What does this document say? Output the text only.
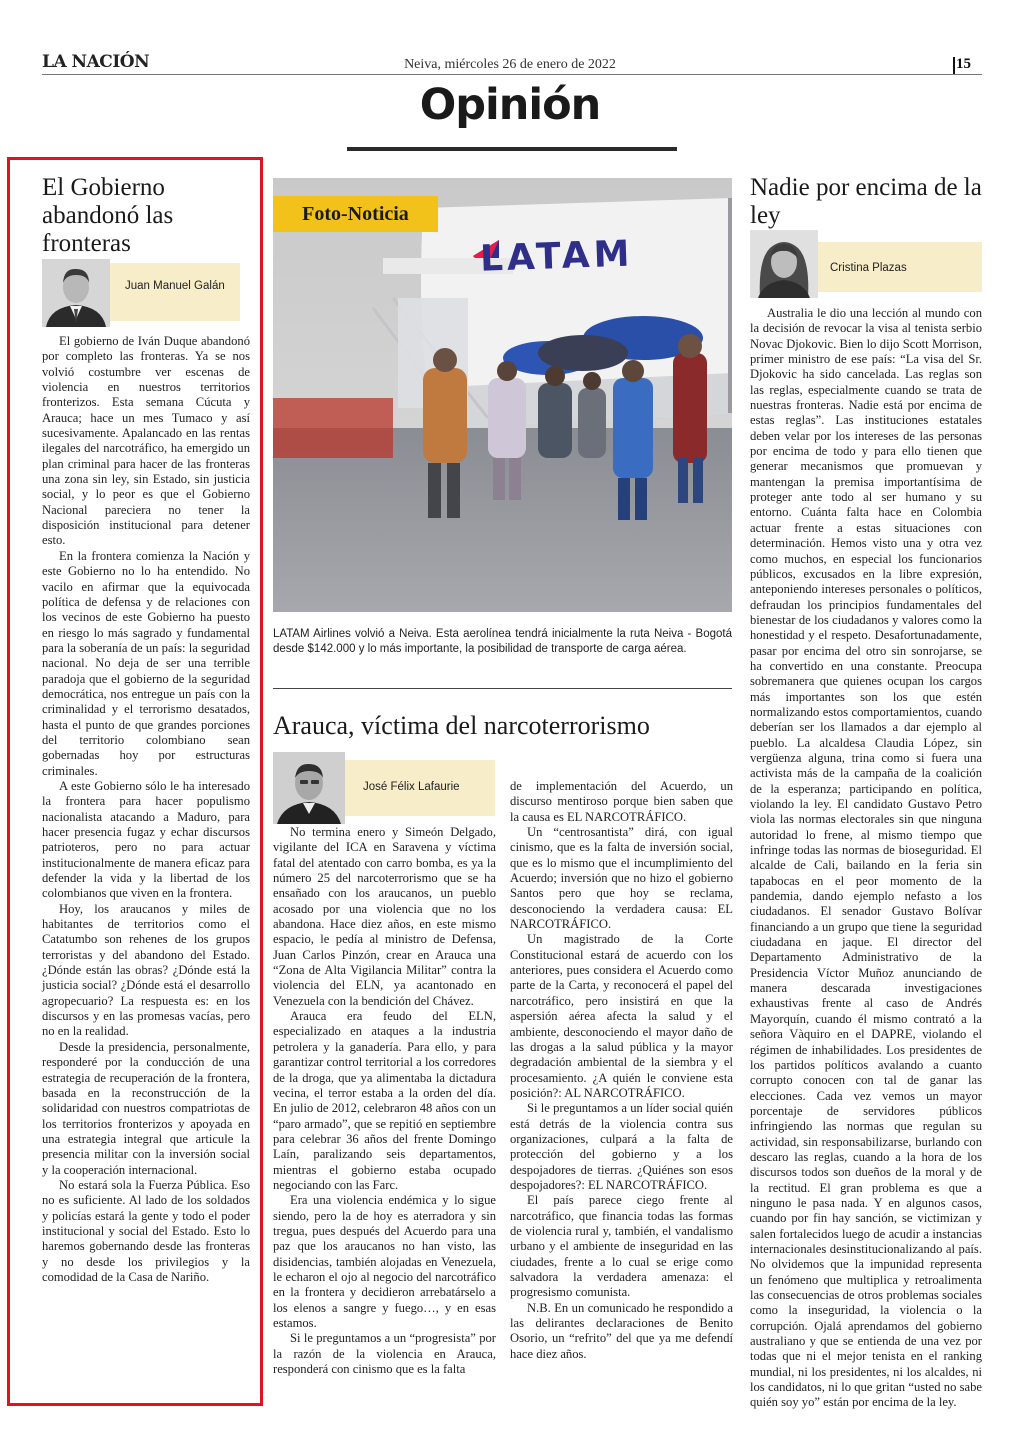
LA NACIÓN	Neiva, miércoles 26 de enero de 2022	15
Opinión
El Gobierno abandonó las fronteras
Juan Manuel Galán

El gobierno de Iván Duque abandonó por completo las fronteras. Ya se nos volvió costumbre ver escenas de violencia en nuestros territorios fronterizos. Esta semana Cúcuta y Arauca; hace un mes Tumaco y así sucesivamente. Apalancado en las rentas ilegales del narcotráfico, ha emergido un plan criminal para hacer de las fronteras una zona sin ley, sin Estado, sin justicia social, y lo peor es que el Gobierno Nacional pareciera no tener la disposición institucional para detener esto.

En la frontera comienza la Nación y este Gobierno no lo ha entendido. No vacilo en afirmar que la equivocada política de defensa y de relaciones con los vecinos de este Gobierno ha puesto en riesgo lo más sagrado y fundamental para la soberanía de un país: la seguridad nacional. No deja de ser una terrible paradoja que el gobierno de la seguridad democrática, nos entregue un país con la criminalidad y el terrorismo desatados, hasta el punto de que grandes porciones del territorio colombiano sean gobernadas hoy por estructuras criminales.

A este Gobierno sólo le ha interesado la frontera para hacer populismo nacionalista atacando a Maduro, para hacer presencia fugaz y echar discursos patrioteros, pero no para actuar institucionalmente de manera eficaz para defender la vida y la libertad de los colombianos que viven en la frontera.

Hoy, los araucanos y miles de habitantes de territorios como el Catatumbo son rehenes de los grupos terroristas y del abandono del Estado. ¿Dónde están las obras? ¿Dónde está la justicia social? ¿Dónde está el desarrollo agropecuario? La respuesta es: en los discursos y en las promesas vacías, pero no en la realidad.

Desde la presidencia, personalmente, responderé por la conducción de una estrategia de recuperación de la frontera, basada en la reconstrucción de la solidaridad con nuestros compatriotas de los territorios fronterizos y apoyada en una estrategia integral que articule la presencia militar con la inversión social y la cooperación internacional.

No estará sola la Fuerza Pública. Eso no es suficiente. Al lado de los soldados y policías estará la gente y todo el poder institucional y social del Estado. Esto lo haremos gobernando desde las fronteras y no desde los privilegios y la comodidad de la Casa de Nariño.

LATAM
Foto-Noticia
LATAM Airlines volvió a Neiva. Esta aerolínea tendrá inicialmente la ruta Neiva - Bogotá desde $142.000 y lo más importante, la posibilidad de transporte de carga aérea.
Arauca, víctima del narcoterrorismo
José Félix Lafaurie

No termina enero y Simeón Delgado, vigilante del ICA en Saravena y víctima fatal del atentado con carro bomba, es ya la número 25 del narcoterrorismo que se ha ensañado con los araucanos, un pueblo acosado por una violencia que no los abandona. Hace diez años, en este mismo espacio, le pedía al ministro de Defensa, Juan Carlos Pinzón, crear en Arauca una “Zona de Alta Vigilancia Militar” contra la violencia del ELN, ya acantonado en Venezuela con la bendición del Chávez.

Arauca era feudo del ELN, especializado en ataques a la industria petrolera y la ganadería. Para ello, y para garantizar control territorial a los corredores de la droga, que ya alimentaba la dictadura vecina, el terror estaba a la orden del día. En julio de 2012, celebraron 48 años con un “paro armado”, que se repitió en septiembre para celebrar 36 años del frente Domingo Laín, paralizando seis departamentos, mientras el gobierno estaba ocupado negociando con las Farc.

Era una violencia endémica y lo sigue siendo, pero la de hoy es aterradora y sin tregua, pues después del Acuerdo para una paz que los araucanos no han visto, las disidencias, también alojadas en Venezuela, le echaron el ojo al negocio del narcotráfico en la frontera y decidieron arrebatárselo a los elenos a sangre y fuego…, y en esas estamos.

Si le preguntamos a un “progresista” por la razón de la violencia en Arauca, responderá con cinismo que es la falta

de implementación del Acuerdo, un discurso mentiroso porque bien saben que la causa es EL NARCOTRÁFICO.

Un “centrosantista” dirá, con igual cinismo, que es la falta de inversión social, que es lo mismo que el incumplimiento del Acuerdo; inversión que no hizo el gobierno Santos pero que hoy se reclama, desconociendo la verdadera causa: EL NARCOTRÁFICO.

Un magistrado de la Corte Constitucional estará de acuerdo con los anteriores, pues considera el Acuerdo como parte de la Carta, y reconocerá el papel del narcotráfico, pero insistirá en que la aspersión aérea afecta la salud y el ambiente, desconociendo el mayor daño de las drogas a la salud pública y la mayor degradación ambiental de la siembra y el procesamiento. ¿A quién le conviene esta posición?: AL NARCOTRÁFICO.

Si le preguntamos a un líder social quién está detrás de la violencia contra sus organizaciones, culpará a la falta de protección del gobierno y a los despojadores de tierras. ¿Quiénes son esos despojadores?: EL NARCOTRÁFICO.

El país parece ciego frente al narcotráfico, que financia todas las formas de violencia rural y, también, el vandalismo urbano y el ambiente de inseguridad en las ciudades, frente a lo cual se erige como salvadora la verdadera amenaza: el progresismo comunista.

N.B. En un comunicado he respondido a las delirantes declaraciones de Benito Osorio, un “refrito” del que ya me defendí hace diez años.

Nadie por encima de la ley
Cristina Plazas

Australia le dio una lección al mundo con la decisión de revocar la visa al tenista serbio Novac Djokovic. Bien lo dijo Scott Morrison, primer ministro de ese país: “La visa del Sr. Djokovic ha sido cancelada. Las reglas son las reglas, especialmente cuando se trata de nuestras fronteras. Nadie está por encima de estas reglas”. Las instituciones estatales deben velar por los intereses de las personas por encima de todo y para ello tienen que generar mecanismos que promuevan y mantengan la premisa importantísima de proteger ante todo al ser humano y su entorno. Cuánta falta hace en Colombia actuar frente a estas situaciones con determinación. Hemos visto una y otra vez como muchos, en especial los funcionarios públicos, excusados en la libre expresión, anteponiendo intereses personales o políticos, defraudan los principios fundamentales del bienestar de los ciudadanos y valores como la honestidad y el respeto. Desafortunadamente, pasar por encima del otro sin sonrojarse, se ha convertido en una constante. Preocupa sobremanera que quienes ocupan los cargos más importantes son los que estén normalizando estos comportamientos, cuando deberían ser los llamados a dar ejemplo al pueblo. La alcaldesa Claudia López, sin vergüenza alguna, trina como si fuera una activista más de la campaña de la coalición de la esperanza; participando en política, violando la ley. El candidato Gustavo Petro viola las normas electorales sin que ninguna autoridad lo frene, al mismo tiempo que infringe todas las normas de bioseguridad. El alcalde de Cali, bailando en la feria sin tapabocas en el peor momento de la pandemia, dando ejemplo nefasto a los ciudadanos. El senador Gustavo Bolívar financiando a un grupo que tiene la seguridad ciudadana en jaque. El director del Departamento Administrativo de la Presidencia Víctor Muñoz anunciando de manera descarada investigaciones exhaustivas frente al caso de Andrés Mayorquín, cuando él mismo contrató a la señora Vàquiro en el DAPRE, violando el régimen de inhabilidades. Los presidentes de los partidos políticos avalando a cuanto corrupto conocen con tal de ganar las elecciones. Cada vez vemos un mayor porcentaje de servidores públicos infringiendo las normas que regulan su actividad, sin responsabilizarse, burlando con descaro las reglas, cuando a la hora de los discursos todos son dueños de la moral y de la rectitud. El gran problema es que a ninguno le pasa nada. Y en algunos casos, cuando por fin hay sanción, se victimizan y salen fortalecidos luego de acudir a instancias internacionales desinstitucionalizando al país. No olvidemos que la impunidad representa un fenómeno que multiplica y retroalimenta las consecuencias de otros problemas sociales como la inseguridad, la violencia o la corrupción. Ojalá aprendamos del gobierno australiano y que se entienda de una vez por todas que ni el mejor tenista en el ranking mundial, ni los presidentes, ni los alcaldes, ni los candidatos, ni lo que gritan “usted no sabe quién soy yo” están por encima de la ley.
